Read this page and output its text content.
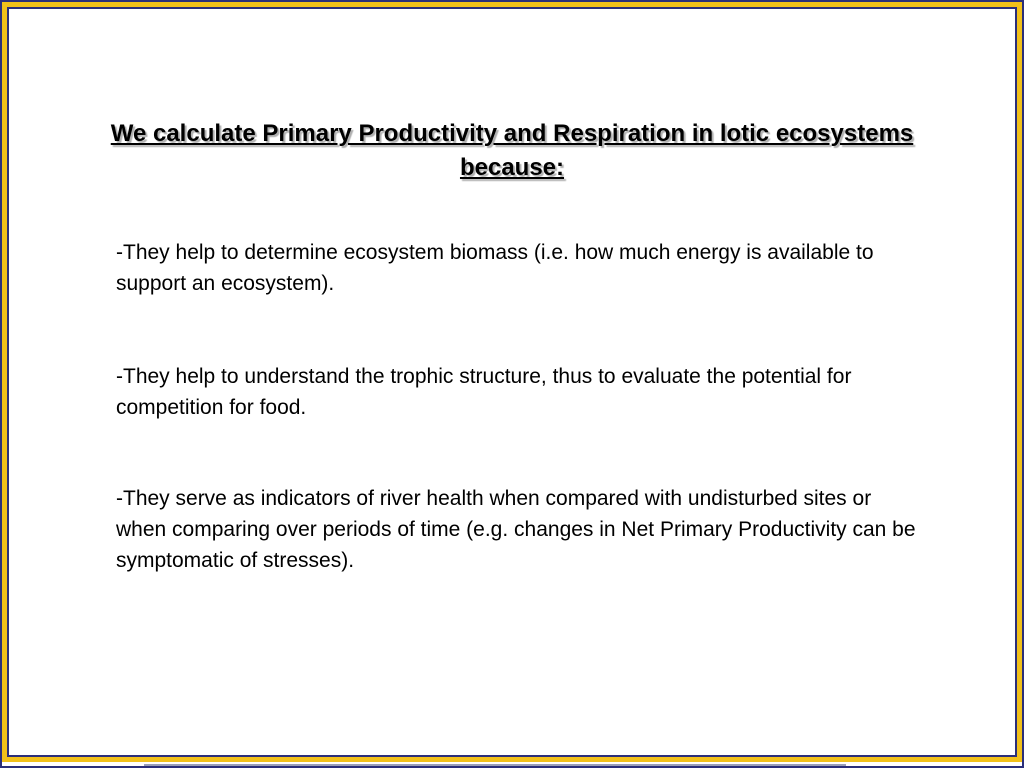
We calculate Primary Productivity and Respiration in lotic ecosystems because:

-They help to determine ecosystem biomass (i.e. how much energy is available to support an ecosystem).

-They help to understand the trophic structure, thus to evaluate the potential for competition for food.

-They serve as indicators of river health when compared with undisturbed sites or when comparing over periods of time (e.g. changes in Net Primary Productivity can be symptomatic of stresses).
